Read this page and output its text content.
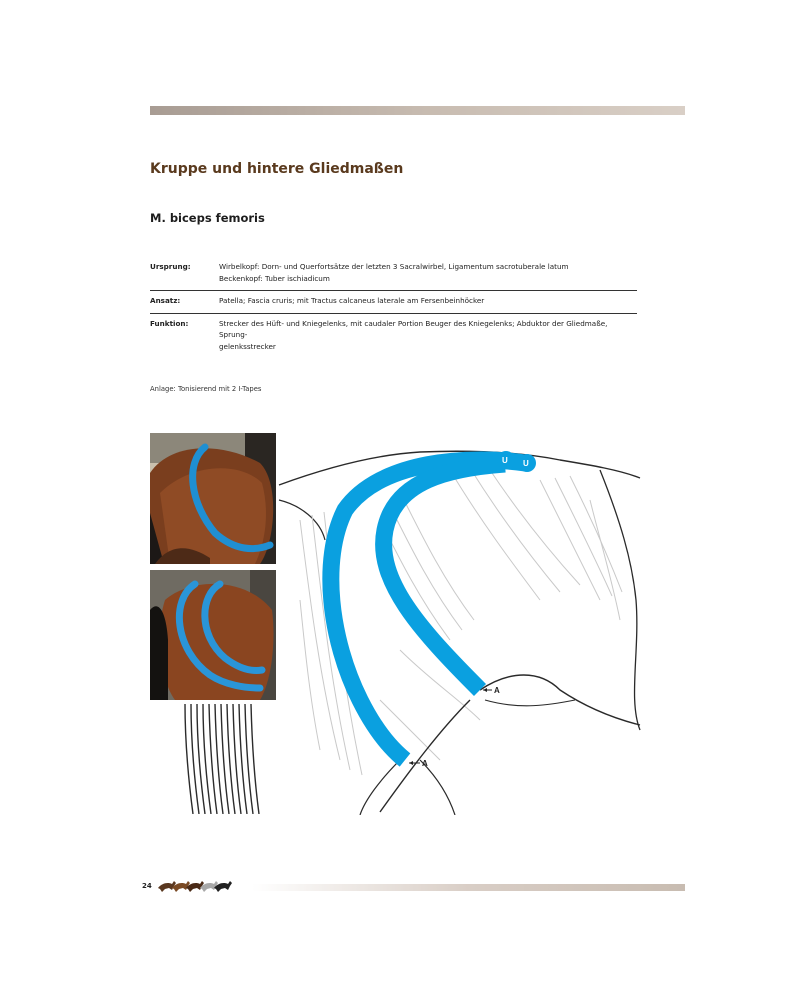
Kruppe und hintere Gliedmaßen
M. biceps femoris
Ursprung:	Wirbelkopf: Dorn- und Querfortsätze der letzten 3 Sacralwirbel, Ligamentum sacrotuberale latum
Beckenkopf: Tuber ischiadicum
Ansatz:	Patella; Fascia cruris; mit Tractus calcaneus laterale am Fersenbeinhöcker
Funktion:	Strecker des Hüft- und Kniegelenks, mit caudaler Portion Beuger des Kniegelenks; Abduktor der Gliedmaße, Sprung-
gelenksstrecker
Anlage: Tonisierend mit 2 I-Tapes
U U
A
A
24
